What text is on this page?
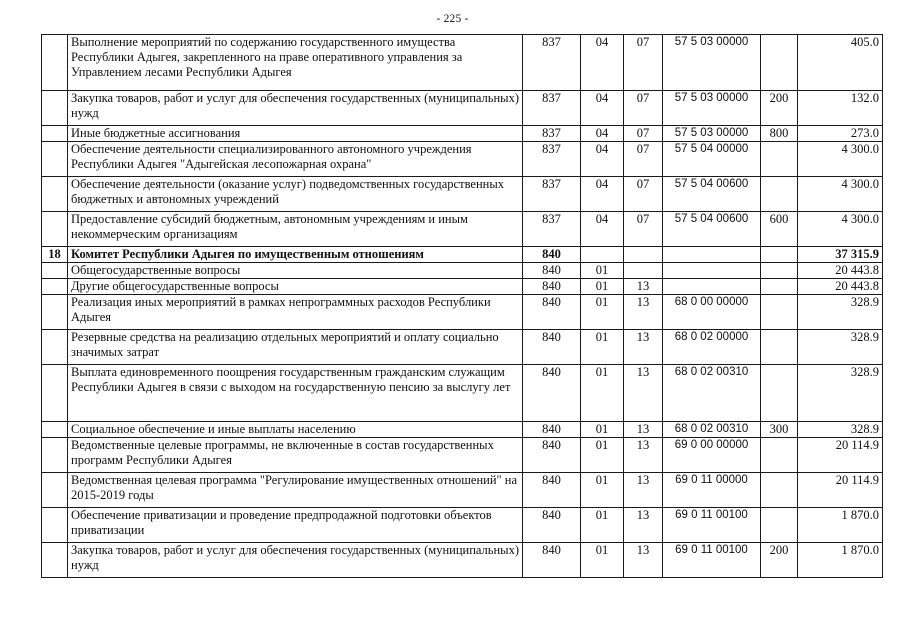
- 225 -
	Выполнение мероприятий по содержанию государственного имущества Республики Адыгея, закрепленного на праве оперативного управления за Управлением лесами Республики Адыгея	837	04	07	57 5 03 00000		405.0
	Закупка товаров, работ и услуг для обеспечения государственных (муниципальных) нужд	837	04	07	57 5 03 00000	200	132.0
	Иные бюджетные ассигнования	837	04	07	57 5 03 00000	800	273.0
	Обеспечение деятельности специализированного автономного учреждения Республики Адыгея "Адыгейская лесопожарная охрана"	837	04	07	57 5 04 00000		4 300.0
	Обеспечение деятельности (оказание услуг) подведомственных государственных бюджетных и автономных учреждений	837	04	07	57 5 04 00600		4 300.0
	Предоставление субсидий бюджетным, автономным учреждениям и иным некоммерческим организациям	837	04	07	57 5 04 00600	600	4 300.0
18	Комитет Республики Адыгея по имущественным отношениям	840					37 315.9
	Общегосударственные вопросы	840	01				20 443.8
	Другие общегосударственные вопросы	840	01	13			20 443.8
	Реализация иных мероприятий в рамках непрограммных расходов Республики Адыгея	840	01	13	68 0 00 00000		328.9
	Резервные средства на реализацию отдельных мероприятий и оплату социально значимых затрат	840	01	13	68 0 02 00000		328.9
	Выплата единовременного поощрения государственным гражданским служащим Республики Адыгея в связи с выходом на государственную пенсию за выслугу лет	840	01	13	68 0 02 00310		328.9
	Социальное обеспечение и иные выплаты населению	840	01	13	68 0 02 00310	300	328.9
	Ведомственные целевые программы, не включенные в состав государственных программ Республики Адыгея	840	01	13	69 0 00 00000		20 114.9
	Ведомственная целевая программа "Регулирование имущественных отношений" на 2015-2019 годы	840	01	13	69 0 11 00000		20 114.9
	Обеспечение приватизации и проведение предпродажной подготовки объектов приватизации	840	01	13	69 0 11 00100		1 870.0
	Закупка товаров, работ и услуг для обеспечения государственных (муниципальных) нужд	840	01	13	69 0 11 00100	200	1 870.0
